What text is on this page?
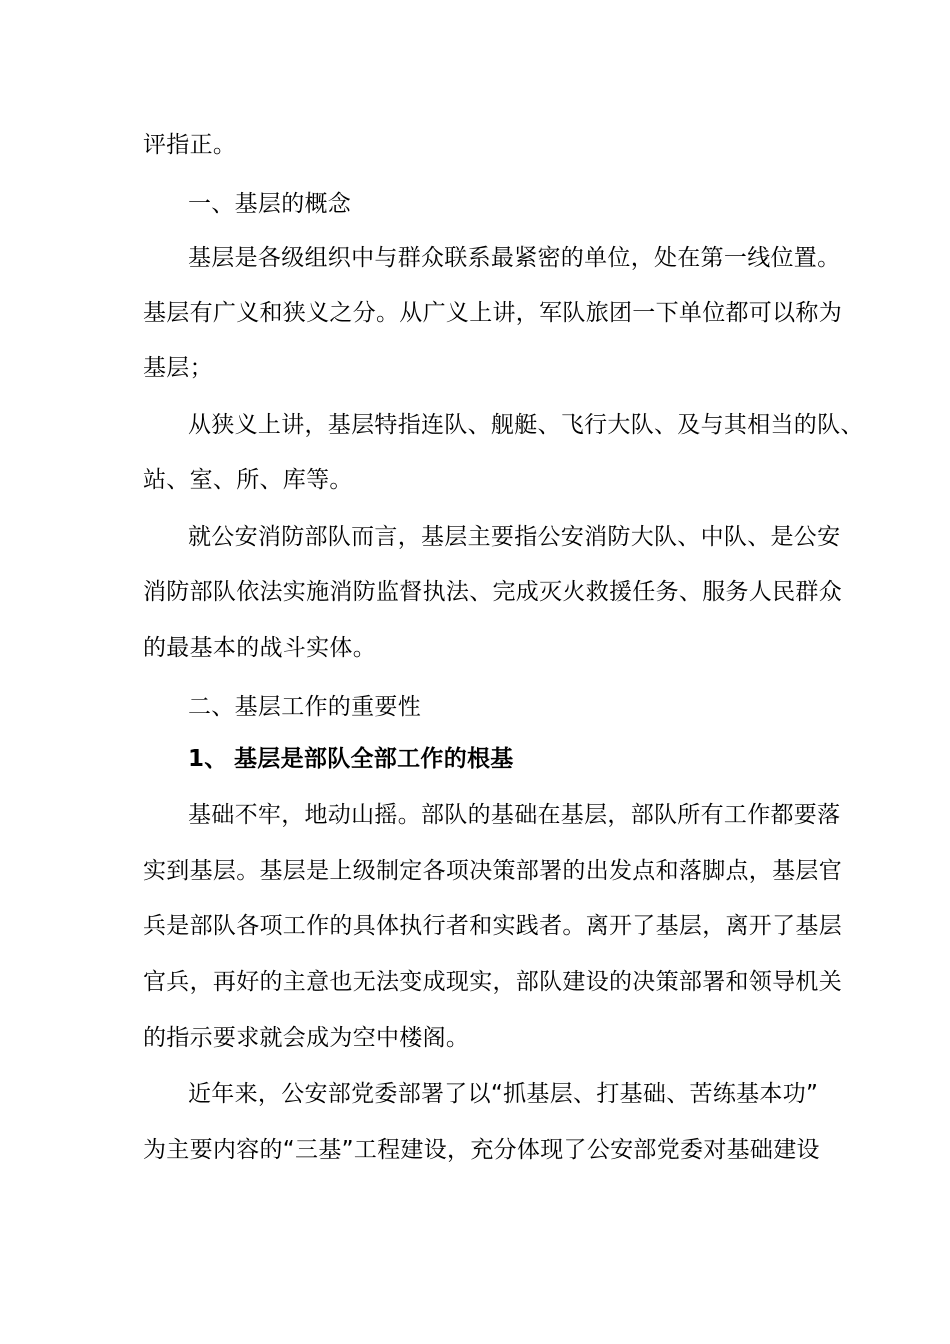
评指正。
一、基层的概念
基层是各级组织中与群众联系最紧密的单位，处在第一线位置。
基层有广义和狭义之分。从广义上讲，军队旅团一下单位都可以称为
基层；
从狭义上讲，基层特指连队、舰艇、飞行大队、及与其相当的队、
站、室、所、库等。
就公安消防部队而言，基层主要指公安消防大队、中队、是公安
消防部队依法实施消防监督执法、完成灭火救援任务、服务人民群众
的最基本的战斗实体。
二、基层工作的重要性
1、 基层是部队全部工作的根基
基础不牢，地动山摇。部队的基础在基层，部队所有工作都要落
实到基层。基层是上级制定各项决策部署的出发点和落脚点，基层官
兵是部队各项工作的具体执行者和实践者。离开了基层，离开了基层
官兵，再好的主意也无法变成现实，部队建设的决策部署和领导机关
的指示要求就会成为空中楼阁。
近年来，公安部党委部署了以“抓基层、打基础、苦练基本功”
为主要内容的“三基”工程建设，充分体现了公安部党委对基础建设
